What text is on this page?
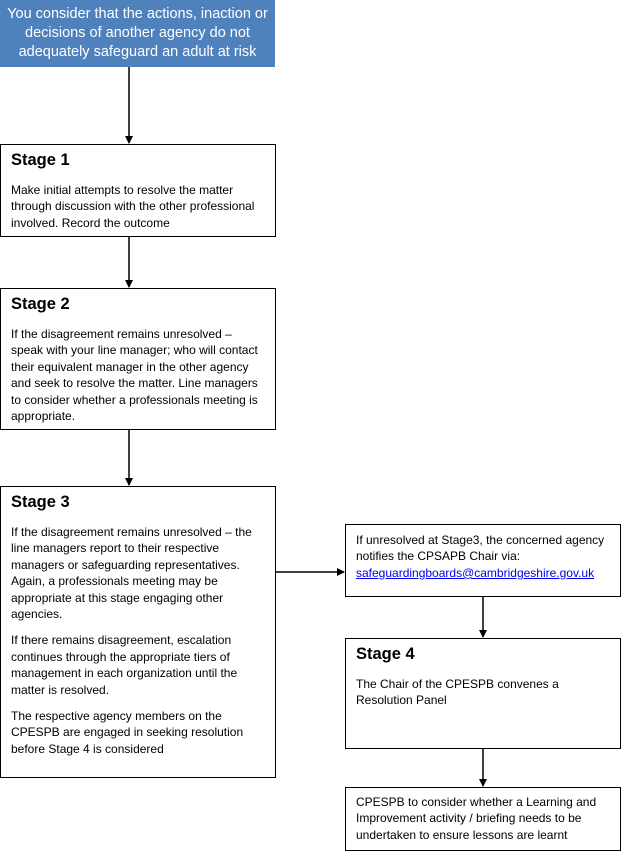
You consider that the actions, inaction or decisions of another agency do not adequately safeguard an adult at risk

Stage 1

Make initial attempts to resolve the matter through discussion with the other professional involved. Record the outcome

Stage 2

If the disagreement remains unresolved – speak with your line manager; who will contact their equivalent manager in the other agency and seek to resolve the matter. Line managers to consider whether a professionals meeting is appropriate.

Stage 3

If the disagreement remains unresolved – the line managers report to their respective managers or safeguarding representatives. Again, a professionals meeting may be appropriate at this stage engaging other agencies.

If there remains disagreement, escalation continues through the appropriate tiers of management in each organization until the matter is resolved.

The respective agency members on the CPESPB are engaged in seeking resolution before Stage 4 is considered

If unresolved at Stage3, the concerned agency notifies the CPSAPB Chair via:

safeguardingboards@cambridgeshire.gov.uk

Stage 4

The Chair of the CPESPB convenes a Resolution Panel

CPESPB to consider whether a Learning and Improvement activity / briefing needs to be undertaken to ensure lessons are learnt
